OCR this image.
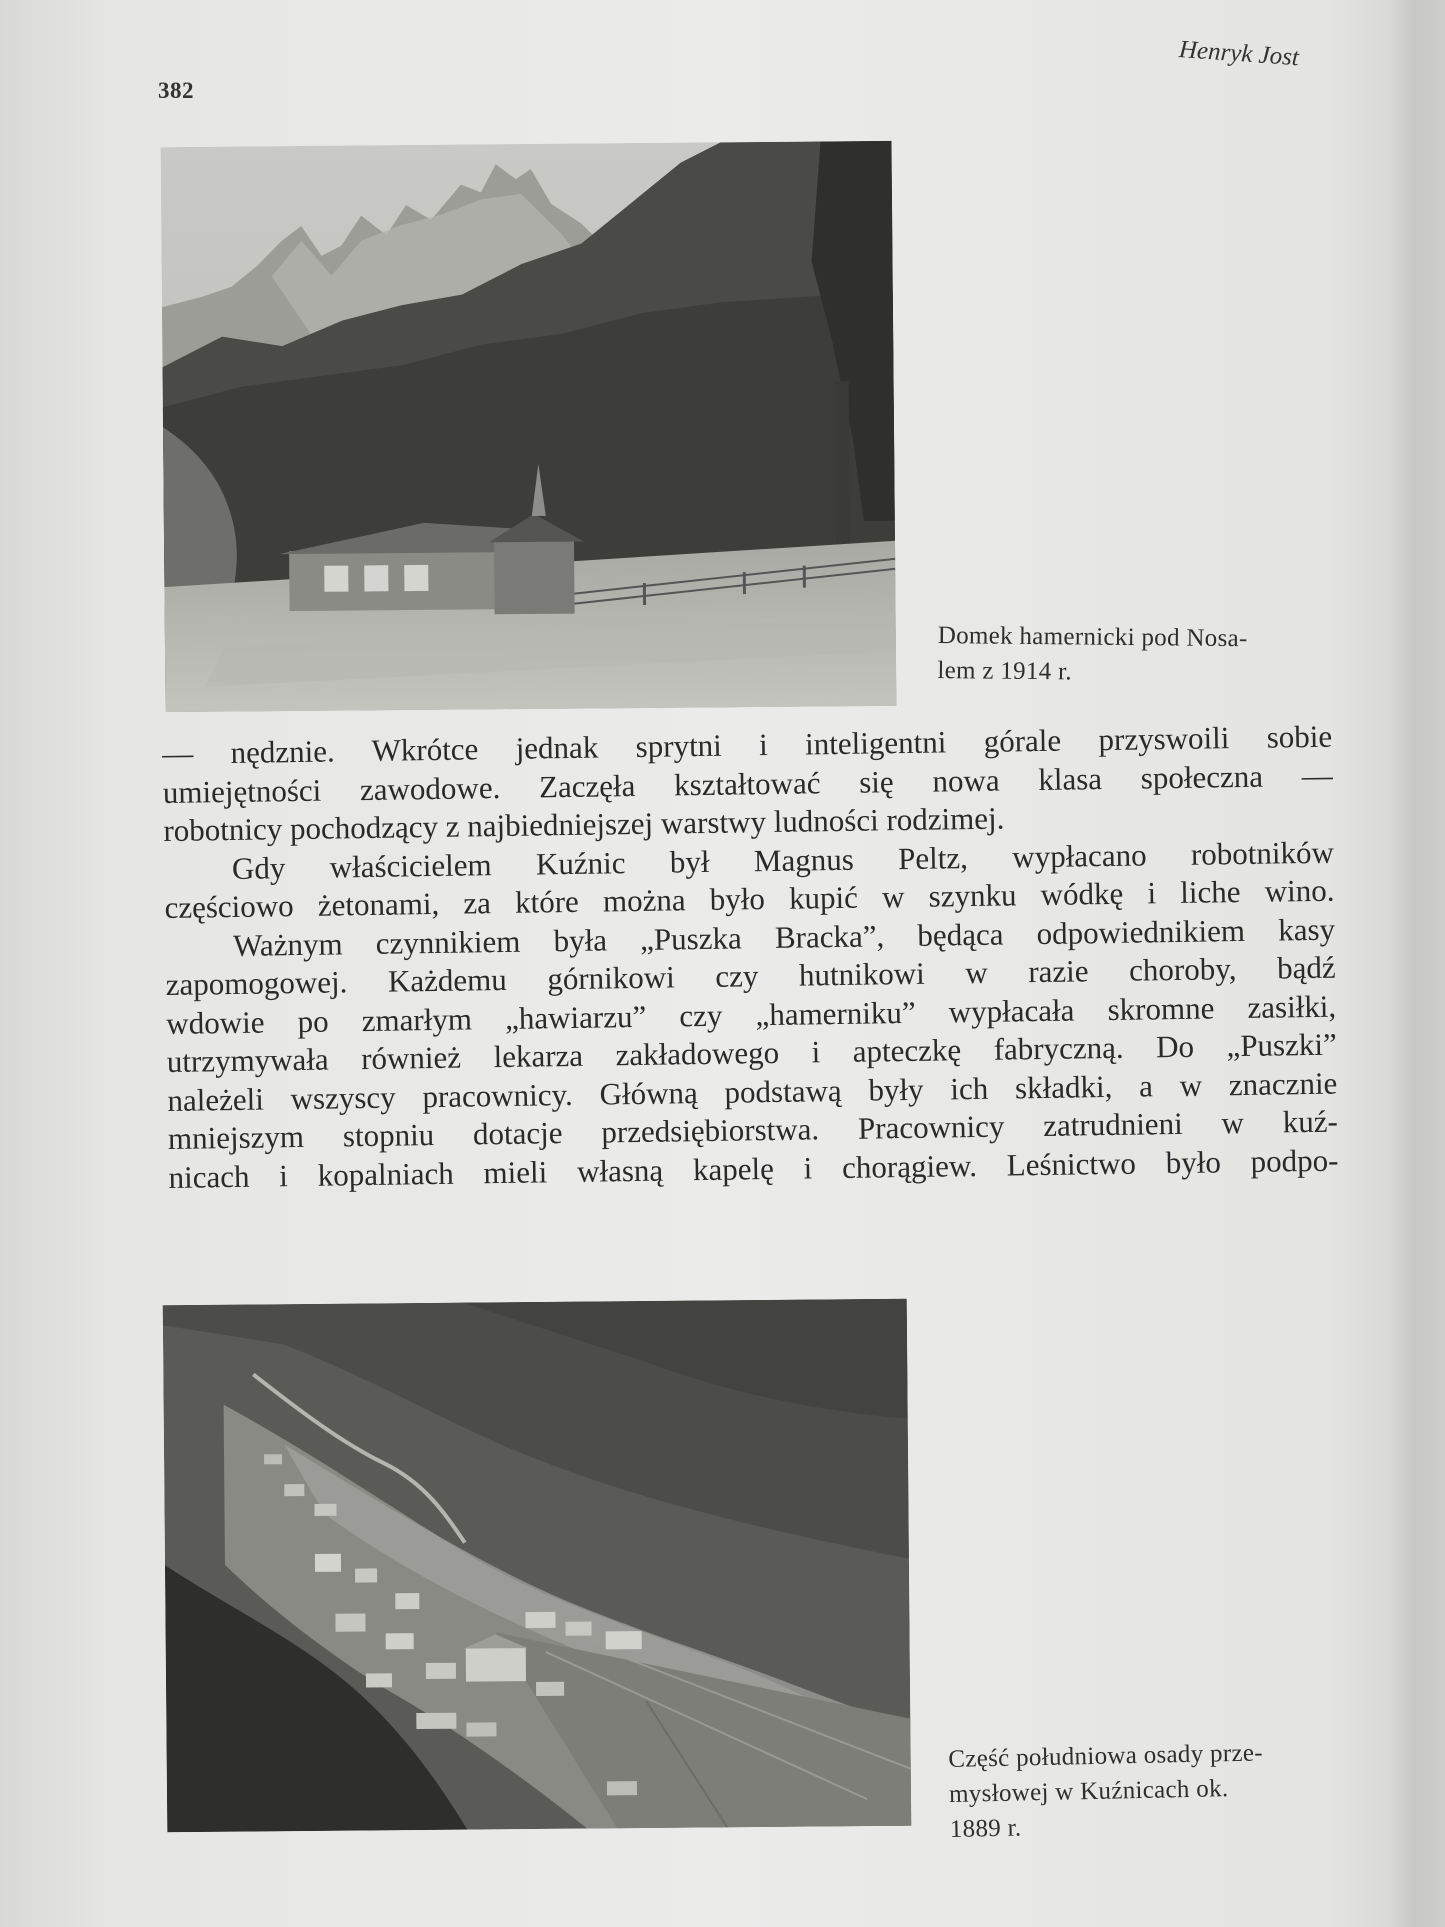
382
Henryk Jost
Domek hamernicki pod Nosa-
lem z 1914 r.
— nędznie. Wkrótce jednak sprytni i inteligentni górale przyswoili sobie
umiejętności zawodowe. Zaczęła kształtować się nowa klasa społeczna —
robotnicy pochodzący z najbiedniejszej warstwy ludności rodzimej.
Gdy właścicielem Kuźnic był Magnus Peltz, wypłacano robotników
częściowo żetonami, za które można było kupić w szynku wódkę i liche wino.
Ważnym czynnikiem była „Puszka Bracka”, będąca odpowiednikiem kasy
zapomogowej. Każdemu górnikowi czy hutnikowi w razie choroby, bądź
wdowie po zmarłym „hawiarzu” czy „hamerniku” wypłacała skromne zasiłki,
utrzymywała również lekarza zakładowego i apteczkę fabryczną. Do „Puszki”
należeli wszyscy pracownicy. Główną podstawą były ich składki, a w znacznie
mniejszym stopniu dotacje przedsiębiorstwa. Pracownicy zatrudnieni w kuź-
nicach i kopalniach mieli własną kapelę i chorągiew. Leśnictwo było podpo-
Część południowa osady prze-
mysłowej w Kuźnicach ok.
1889 r.
